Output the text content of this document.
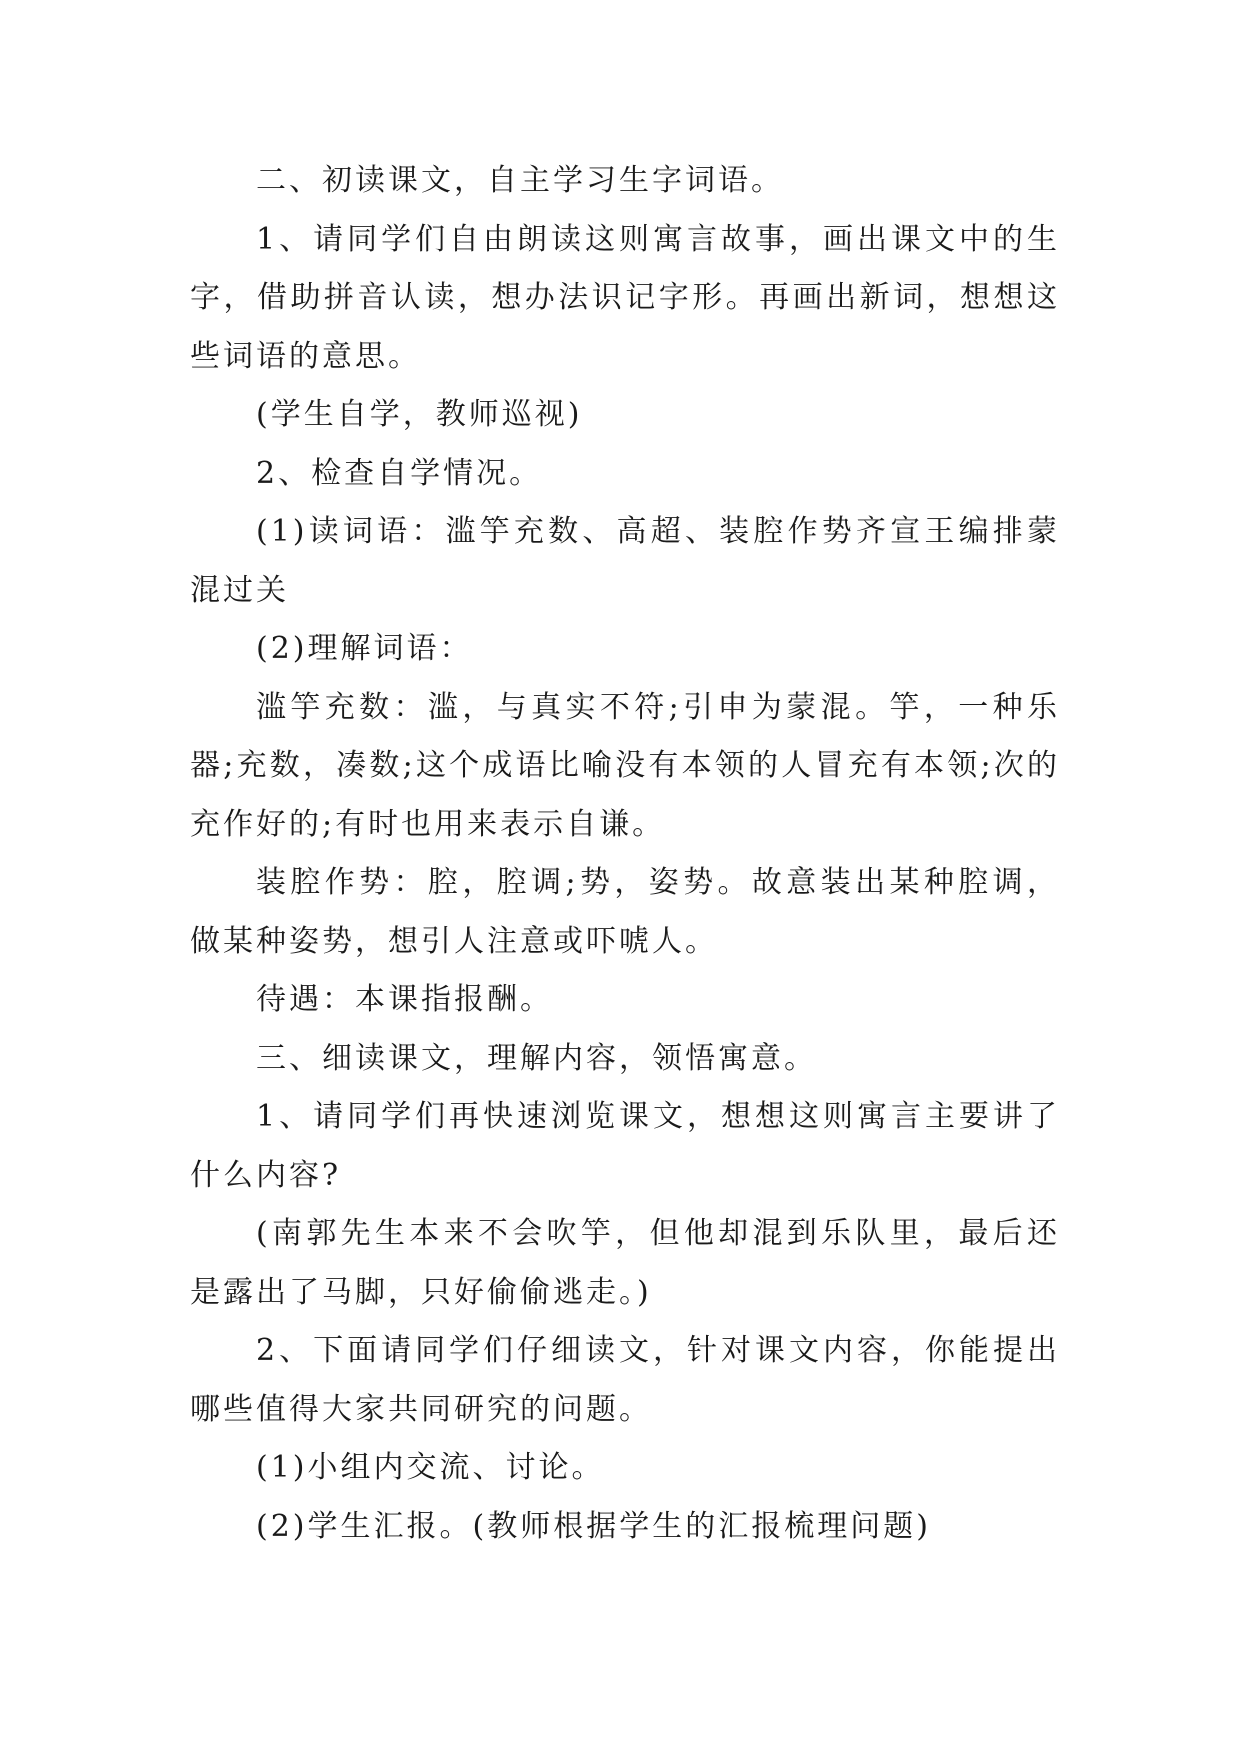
二、初读课文，自主学习生字词语。

1、请同学们自由朗读这则寓言故事，画出课文中的生字，借助拼音认读，想办法识记字形。再画出新词，想想这些词语的意思。

(学生自学，教师巡视)

2、检查自学情况。

(1)读词语：滥竽充数、高超、装腔作势齐宣王编排蒙混过关

(2)理解词语：

滥竽充数：滥，与真实不符;引申为蒙混。竽，一种乐器;充数，凑数;这个成语比喻没有本领的人冒充有本领;次的充作好的;有时也用来表示自谦。

装腔作势：腔，腔调;势，姿势。故意装出某种腔调，做某种姿势，想引人注意或吓唬人。

待遇：本课指报酬。

三、细读课文，理解内容，领悟寓意。

1、请同学们再快速浏览课文，想想这则寓言主要讲了什么内容?

(南郭先生本来不会吹竽，但他却混到乐队里，最后还是露出了马脚，只好偷偷逃走。)

2、下面请同学们仔细读文，针对课文内容，你能提出哪些值得大家共同研究的问题。

(1)小组内交流、讨论。

(2)学生汇报。(教师根据学生的汇报梳理问题)
